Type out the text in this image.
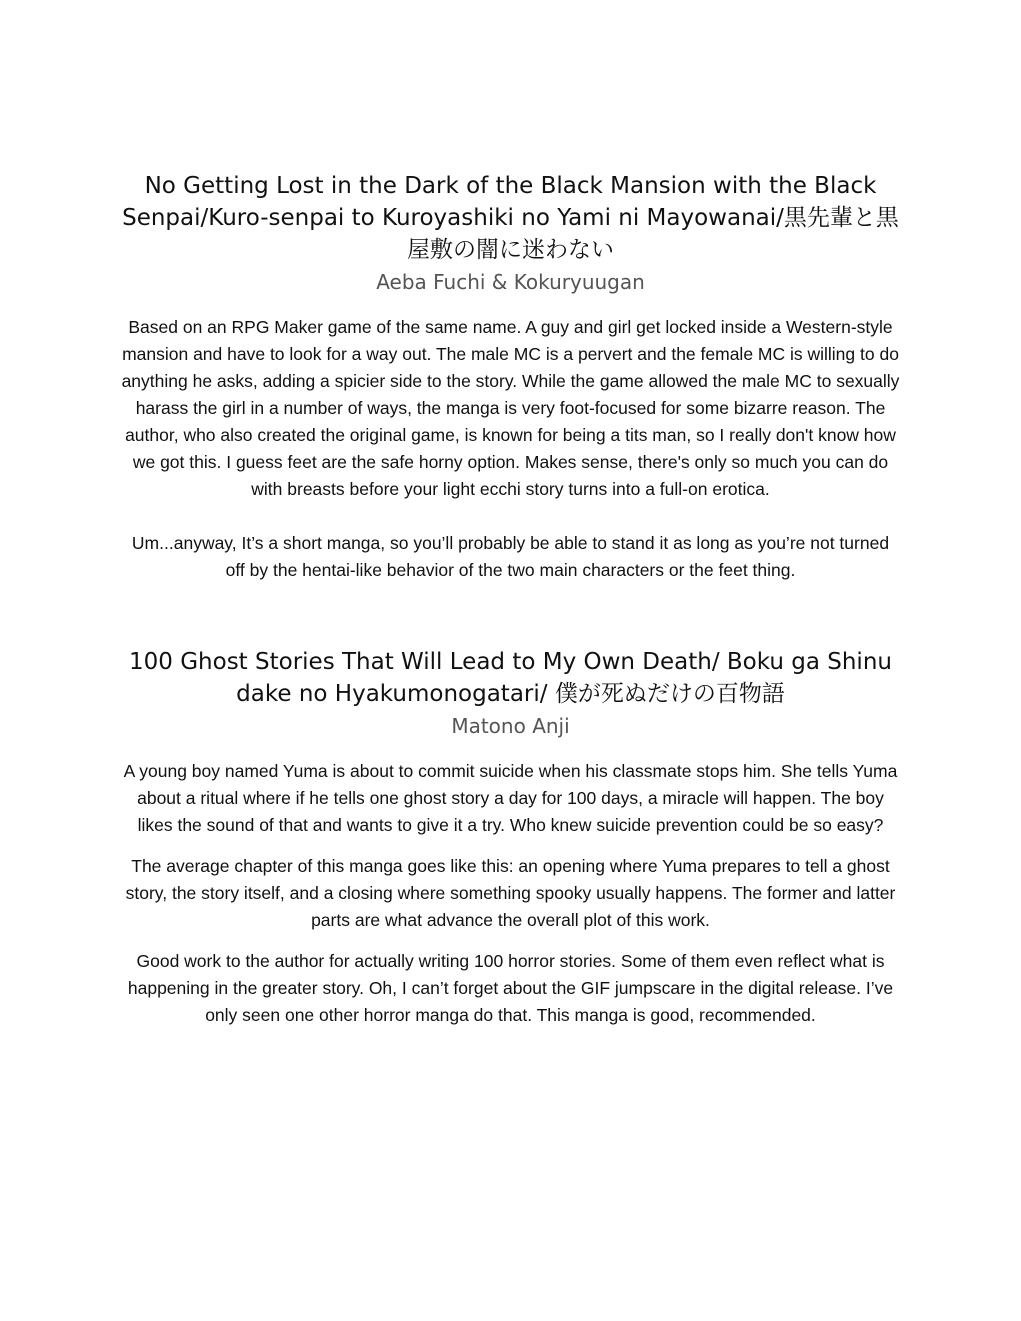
No Getting Lost in the Dark of the Black Mansion with the Black Senpai/Kuro-senpai to Kuroyashiki no Yami ni Mayowanai/黒先輩と黒屋敷の闇に迷わない
Aeba Fuchi & Kokuryuugan

Based on an RPG Maker game of the same name. A guy and girl get locked inside a Western-style mansion and have to look for a way out. The male MC is a pervert and the female MC is willing to do anything he asks, adding a spicier side to the story. While the game allowed the male MC to sexually harass the girl in a number of ways, the manga is very foot-focused for some bizarre reason. The author, who also created the original game, is known for being a tits man, so I really don't know how we got this. I guess feet are the safe horny option. Makes sense, there's only so much you can do with breasts before your light ecchi story turns into a full-on erotica.

Um...anyway, It’s a short manga, so you’ll probably be able to stand it as long as you’re not turned off by the hentai-like behavior of the two main characters or the feet thing.

100 Ghost Stories That Will Lead to My Own Death/ Boku ga Shinu dake no Hyakumonogatari/ 僕が死ぬだけの百物語
Matono Anji

A young boy named Yuma is about to commit suicide when his classmate stops him. She tells Yuma about a ritual where if he tells one ghost story a day for 100 days, a miracle will happen. The boy likes the sound of that and wants to give it a try. Who knew suicide prevention could be so easy?

The average chapter of this manga goes like this: an opening where Yuma prepares to tell a ghost story, the story itself, and a closing where something spooky usually happens. The former and latter parts are what advance the overall plot of this work.

Good work to the author for actually writing 100 horror stories. Some of them even reflect what is happening in the greater story. Oh, I can’t forget about the GIF jumpscare in the digital release. I’ve only seen one other horror manga do that. This manga is good, recommended.
